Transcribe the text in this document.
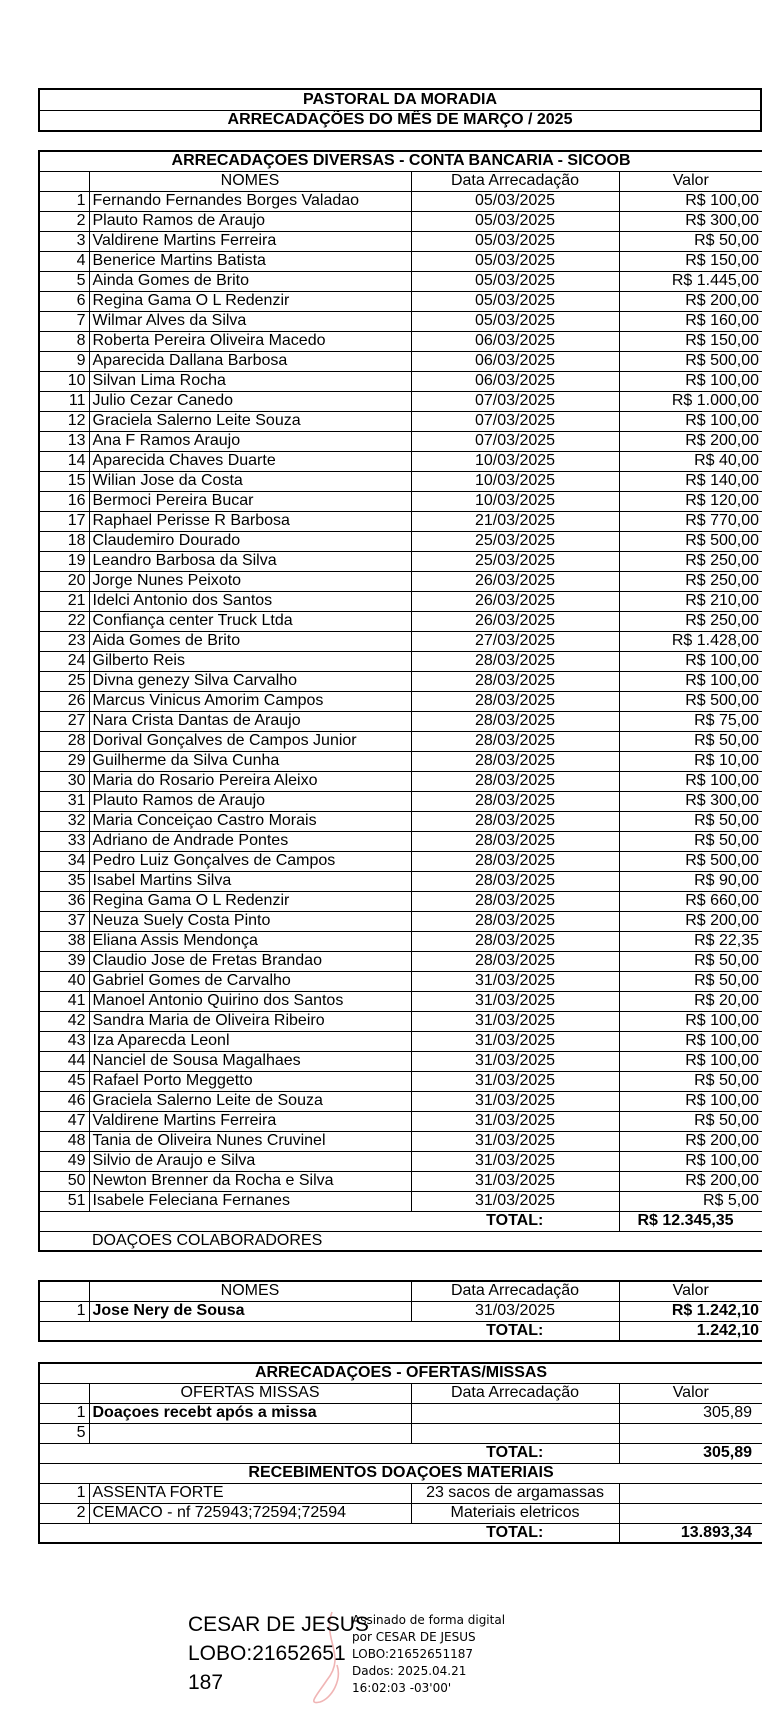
PASTORAL DA MORADIA
ARRECADAÇÕES DO MÊS DE MARÇO / 2025
ARRECADAÇOES DIVERSAS - CONTA BANCARIA - SICOOB			
	NOMES	Data Arrecadação	Valor
1	Fernando Fernandes Borges Valadao	05/03/2025	R$ 100,00
2	Plauto Ramos de Araujo	05/03/2025	R$ 300,00
3	Valdirene Martins Ferreira	05/03/2025	R$ 50,00
4	Benerice Martins Batista	05/03/2025	R$ 150,00
5	Ainda Gomes de Brito	05/03/2025	R$ 1.445,00
6	Regina Gama O L Redenzir	05/03/2025	R$ 200,00
7	Wilmar Alves da Silva	05/03/2025	R$ 160,00
8	Roberta Pereira Oliveira Macedo	06/03/2025	R$ 150,00
9	Aparecida Dallana Barbosa	06/03/2025	R$ 500,00
10	Silvan Lima Rocha	06/03/2025	R$ 100,00
11	Julio Cezar Canedo	07/03/2025	R$ 1.000,00
12	Graciela Salerno Leite Souza	07/03/2025	R$ 100,00
13	Ana F Ramos Araujo	07/03/2025	R$ 200,00
14	Aparecida Chaves Duarte	10/03/2025	R$ 40,00
15	Wilian Jose da Costa	10/03/2025	R$ 140,00
16	Bermoci Pereira Bucar	10/03/2025	R$ 120,00
17	Raphael Perisse R Barbosa	21/03/2025	R$ 770,00
18	Claudemiro Dourado	25/03/2025	R$ 500,00
19	Leandro Barbosa da Silva	25/03/2025	R$ 250,00
20	Jorge Nunes Peixoto	26/03/2025	R$ 250,00
21	Idelci Antonio dos Santos	26/03/2025	R$ 210,00
22	Confiança center Truck Ltda	26/03/2025	R$ 250,00
23	Aida Gomes de Brito	27/03/2025	R$ 1.428,00
24	Gilberto Reis	28/03/2025	R$ 100,00
25	Divna genezy Silva Carvalho	28/03/2025	R$ 100,00
26	Marcus Vinicus Amorim Campos	28/03/2025	R$ 500,00
27	Nara Crista Dantas de Araujo	28/03/2025	R$ 75,00
28	Dorival Gonçalves de Campos Junior	28/03/2025	R$ 50,00
29	Guilherme da Silva Cunha	28/03/2025	R$ 10,00
30	Maria do Rosario Pereira Aleixo	28/03/2025	R$ 100,00
31	Plauto Ramos de Araujo	28/03/2025	R$ 300,00
32	Maria Conceiçao Castro Morais	28/03/2025	R$ 50,00
33	Adriano de Andrade Pontes	28/03/2025	R$ 50,00
34	Pedro Luiz Gonçalves de Campos	28/03/2025	R$ 500,00
35	Isabel Martins Silva	28/03/2025	R$ 90,00
36	Regina Gama O L Redenzir	28/03/2025	R$ 660,00
37	Neuza Suely Costa Pinto	28/03/2025	R$ 200,00
38	Eliana Assis Mendonça	28/03/2025	R$ 22,35
39	Claudio Jose de Fretas Brandao	28/03/2025	R$ 50,00
40	Gabriel Gomes de Carvalho	31/03/2025	R$ 50,00
41	Manoel Antonio Quirino dos Santos	31/03/2025	R$ 20,00
42	Sandra Maria de Oliveira Ribeiro	31/03/2025	R$ 100,00
43	Iza Aparecda Leonl	31/03/2025	R$ 100,00
44	Nanciel de Sousa Magalhaes	31/03/2025	R$ 100,00
45	Rafael Porto Meggetto	31/03/2025	R$ 50,00
46	Graciela Salerno Leite de Souza	31/03/2025	R$ 100,00
47	Valdirene Martins Ferreira	31/03/2025	R$ 50,00
48	Tania de Oliveira Nunes Cruvinel	31/03/2025	R$ 200,00
49	Silvio de Araujo e Silva	31/03/2025	R$ 100,00
50	Newton Brenner da Rocha e Silva	31/03/2025	R$ 200,00
51	Isabele Feleciana Fernanes	31/03/2025	R$ 5,00
		TOTAL:	R$ 12.345,35
	DOAÇOES COLABORADORES		
	NOMES	Data Arrecadação	Valor
1	Jose Nery de Sousa	31/03/2025	R$ 1.242,10
		TOTAL:	1.242,10
ARRECADAÇOES - OFERTAS/MISSAS			
	OFERTAS MISSAS	Data Arrecadação	Valor
1	Doaçoes recebt após a missa		305,89
5			
		TOTAL:	305,89
RECEBIMENTOS DOAÇOES MATERIAIS			
1	ASSENTA FORTE	23 sacos de argamassas	
2	CEMACO - nf 725943;72594;72594	Materiais eletricos	
		TOTAL:	13.893,34
CESAR DE JESUS
LOBO:21652651
187
Assinado de forma digital
por CESAR DE JESUS
LOBO:21652651187
Dados: 2025.04.21
16:02:03 -03'00'
